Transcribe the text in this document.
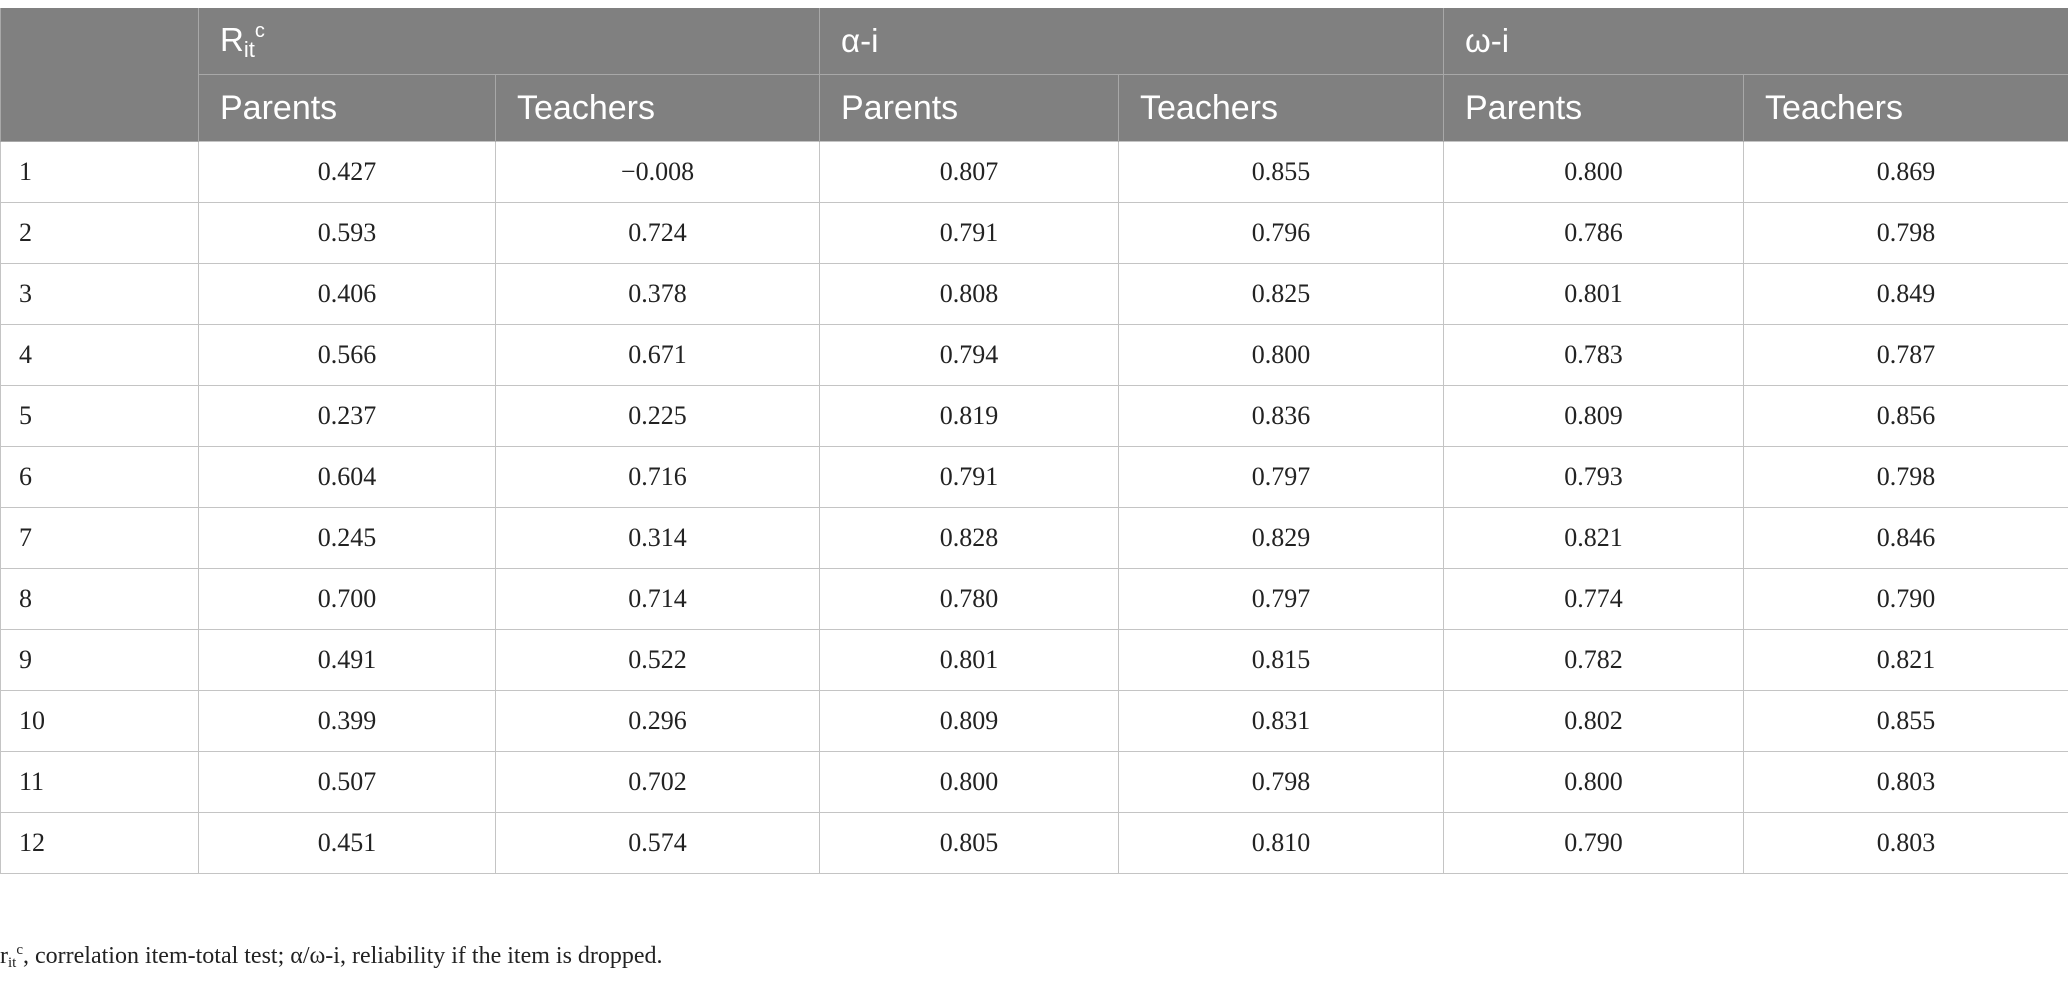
	$R_{it}^c$		α-i		ω-i	
	Parents	Teachers	Parents	Teachers	Parents	Teachers
1	0.427	−0.008	0.807	0.855	0.800	0.869
2	0.593	0.724	0.791	0.796	0.786	0.798
3	0.406	0.378	0.808	0.825	0.801	0.849
4	0.566	0.671	0.794	0.800	0.783	0.787
5	0.237	0.225	0.819	0.836	0.809	0.856
6	0.604	0.716	0.791	0.797	0.793	0.798
7	0.245	0.314	0.828	0.829	0.821	0.846
8	0.700	0.714	0.780	0.797	0.774	0.790
9	0.491	0.522	0.801	0.815	0.782	0.821
10	0.399	0.296	0.809	0.831	0.802	0.855
11	0.507	0.702	0.800	0.798	0.800	0.803
12	0.451	0.574	0.805	0.810	0.790	0.803
rit$^c$, correlation item-total test; α/ω-i, reliability if the item is dropped.
